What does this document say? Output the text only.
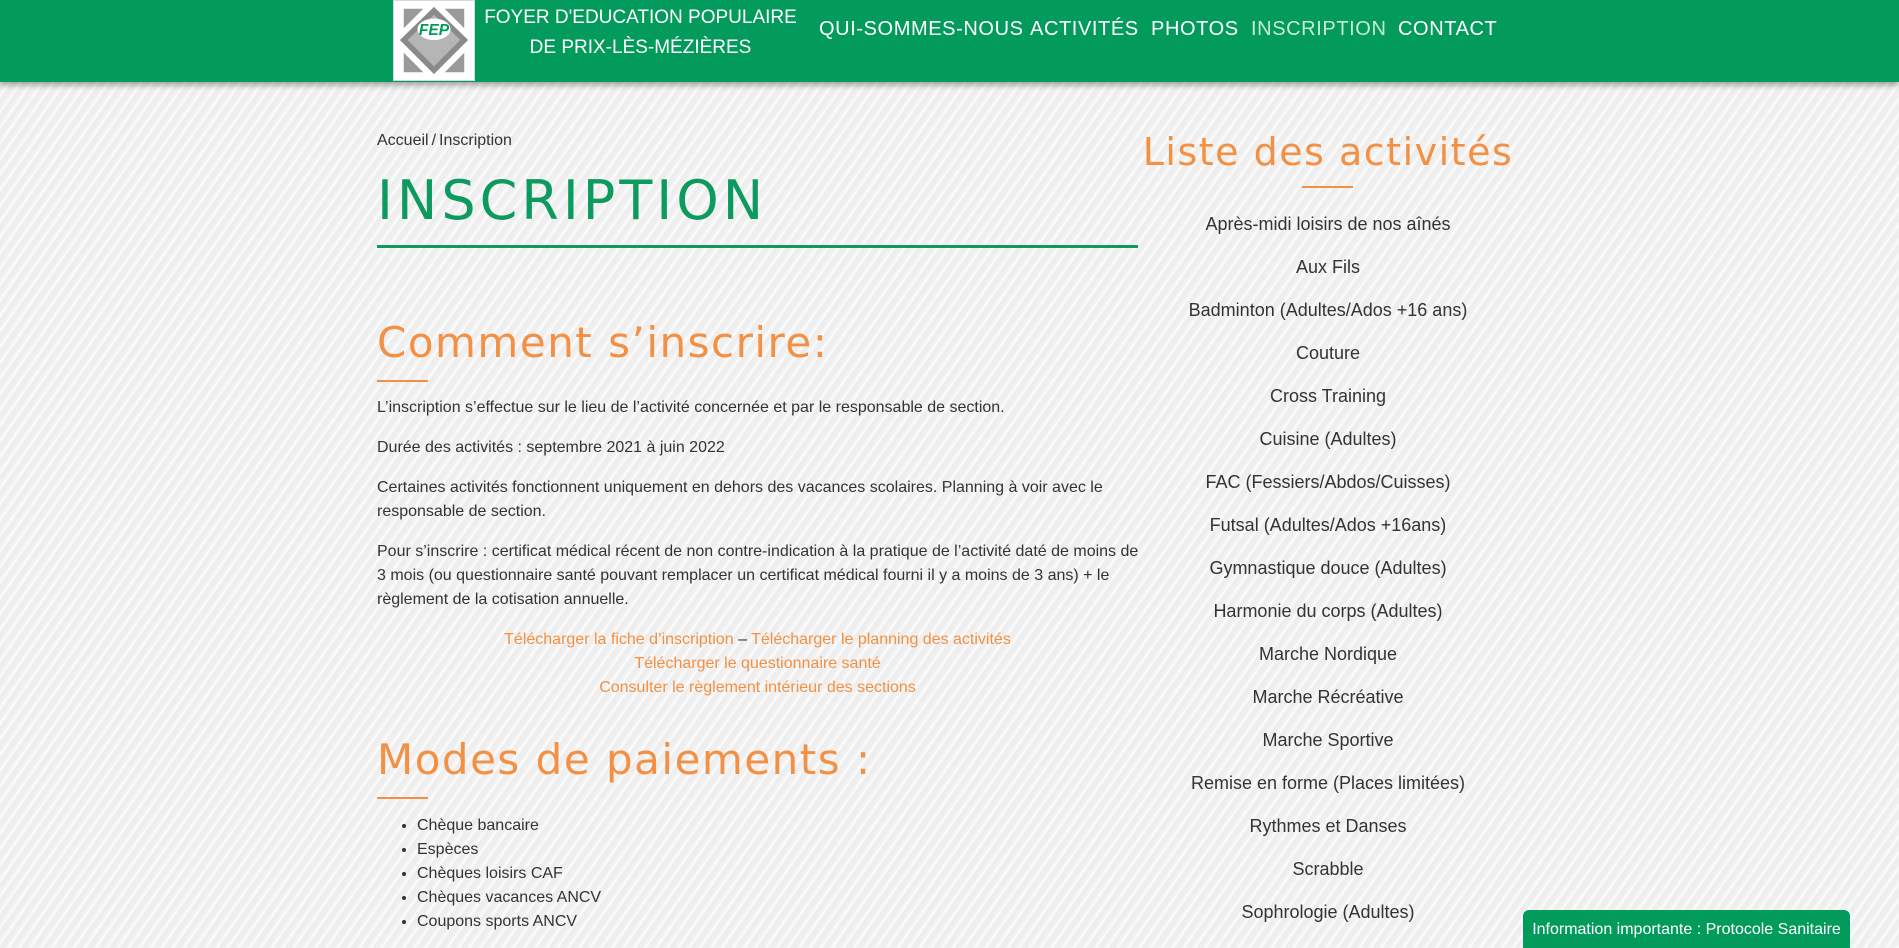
FEP
FOYER D'EDUCATION POPULAIRE
DE PRIX-LÈS-MÉZIÈRES
QUI-SOMMES-NOUS ACTIVITÉS PHOTOS INSCRIPTION CONTACT
Accueil / Inscription
INSCRIPTION
Comment s’inscrire:

L’inscription s’effectue sur le lieu de l’activité concernée et par le responsable de section.

Durée des activités : septembre 2021 à juin 2022

Certaines activités fonctionnent uniquement en dehors des vacances scolaires. Planning à voir avec le responsable de section.

Pour s’inscrire : certificat médical récent de non contre-indication à la pratique de l’activité daté de moins de 3 mois (ou questionnaire santé pouvant remplacer un certificat médical fourni il y a moins de 3 ans) + le règlement de la cotisation annuelle.

Télécharger la fiche d’inscription – Télécharger le planning des activités
Télécharger le questionnaire santé
Consulter le règlement intérieur des sections
Modes de paiements :
• Chèque bancaire
• Espèces
• Chèques loisirs CAF
• Chèques vacances ANCV
• Coupons sports ANCV
Liste des activités
Après-midi loisirs de nos aînés
Aux Fils
Badminton (Adultes/Ados +16 ans)
Couture
Cross Training
Cuisine (Adultes)
FAC (Fessiers/Abdos/Cuisses)
Futsal (Adultes/Ados +16ans)
Gymnastique douce (Adultes)
Harmonie du corps (Adultes)
Marche Nordique
Marche Récréative
Marche Sportive
Remise en forme (Places limitées)
Rythmes et Danses
Scrabble
Sophrologie (Adultes)
Information importante : Protocole Sanitaire
